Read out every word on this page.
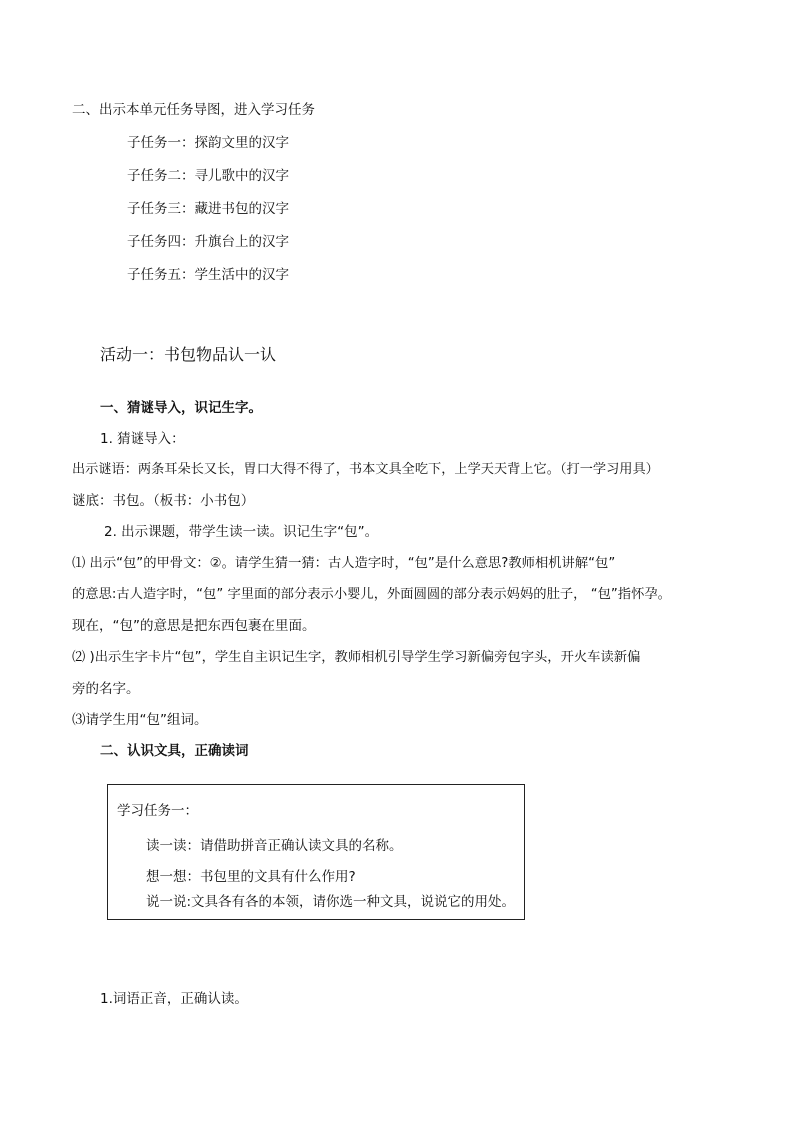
二、出示本单元任务导图，进入学习任务
子任务一：探韵文里的汉字
子任务二：寻儿歌中的汉字
子任务三：藏进书包的汉字
子任务四：升旗台上的汉字
子任务五：学生活中的汉字
活动一：书包物品认一认
一、猜谜导入，识记生字。
1. 猜谜导入：
出示谜语：两条耳朵长又长，胃口大得不得了，书本文具全吃下，上学天天背上它。（打一学习用具）
谜底：书包。（板书：小书包）
2. 出示课题，带学生读一读。识记生字“包”。
⑴ 出示“包”的甲骨文：②。请学生猜一猜：古人造字时，“包”是什么意思?教师相机讲解“包”
的意思:古人造字时，“包” 字里面的部分表示小婴儿，外面圆圆的部分表示妈妈的肚子， “包”指怀孕。
现在，“包”的意思是把东西包裹在里面。
⑵ )出示生字卡片“包”，学生自主识记生字，教师相机引导学生学习新偏旁包字头，开火车读新偏
旁的名字。
⑶请学生用“包”组词。
二、认识文具，正确读词
学习任务一：
读一读：请借助拼音正确认读文具的名称。
想一想：书包里的文具有什么作用?
说一说:文具各有各的本领，请你选一种文具，说说它的用处。
1.词语正音，正确认读。
